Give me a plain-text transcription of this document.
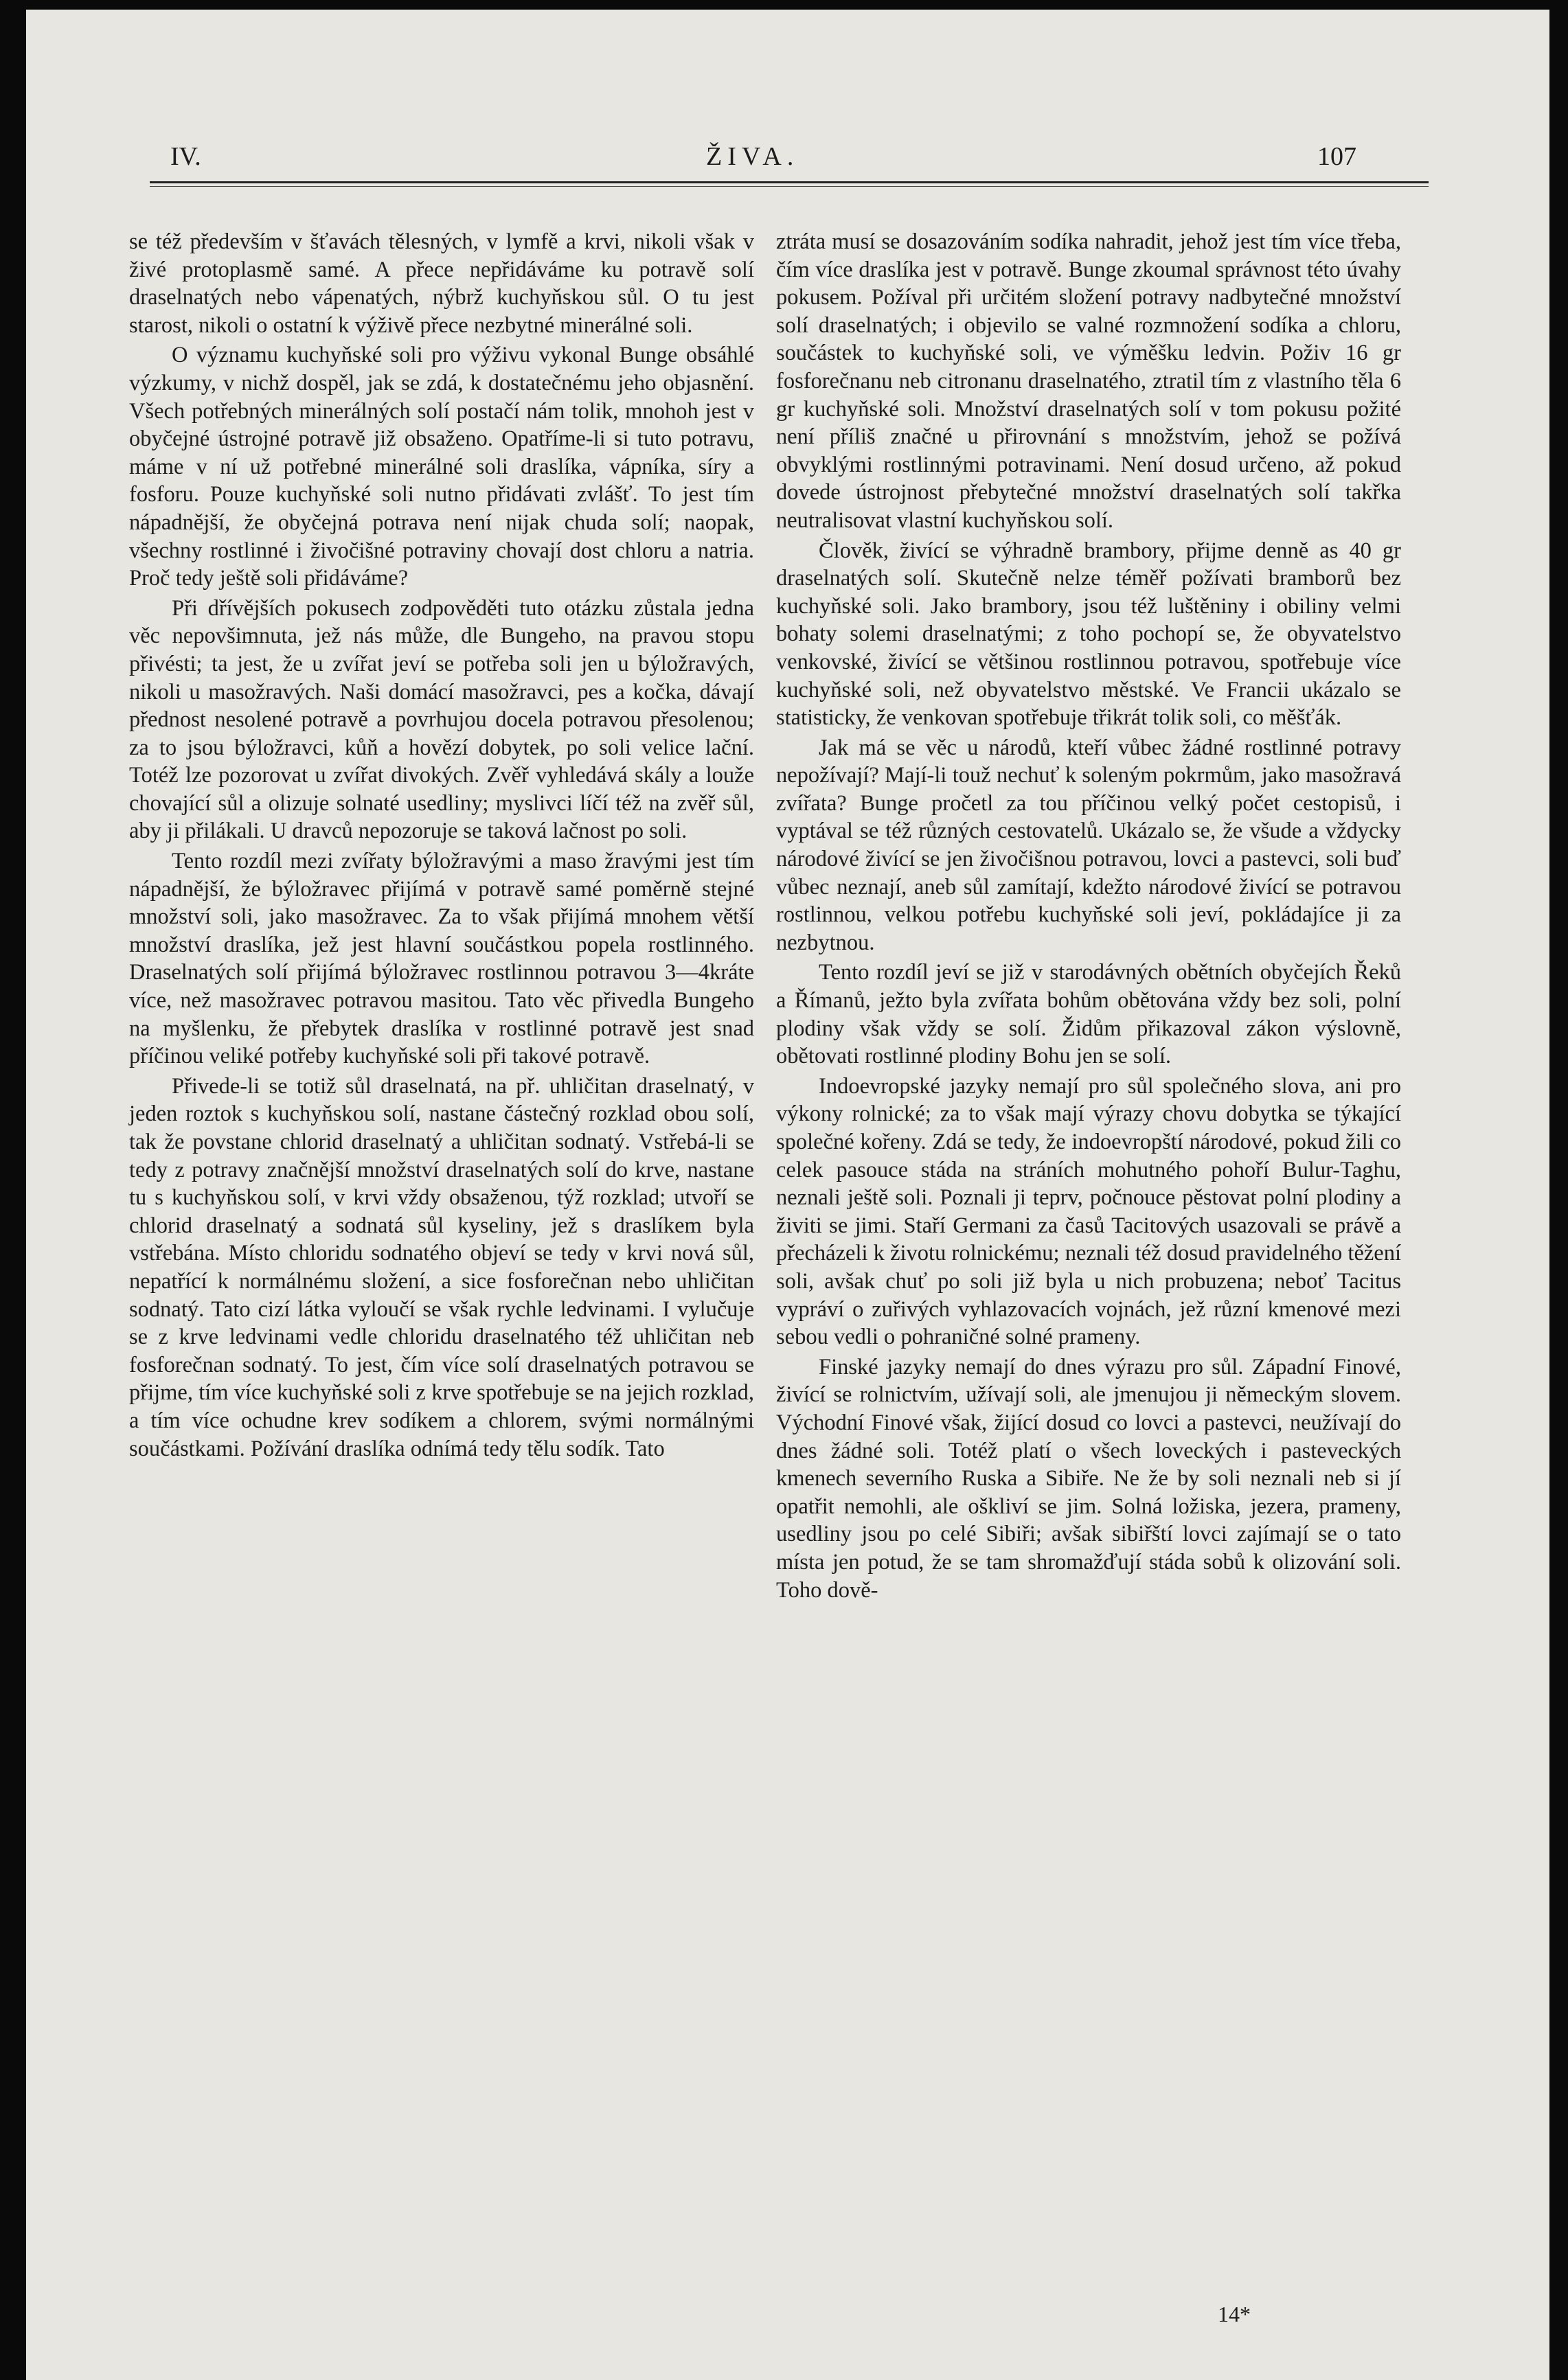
IV.	ŽIVA.	107

se též především v šťavách tělesných, v lymfě a krvi, nikoli však v živé protoplasmě samé. A přece nepřidáváme ku potravě solí draselnatých nebo vápenatých, nýbrž kuchyňskou sůl. O tu jest starost, nikoli o ostatní k výživě přece nezbytné minerálné soli.

O významu kuchyňské soli pro výživu vykonal Bunge obsáhlé výzkumy, v nichž dospěl, jak se zdá, k dostatečnému jeho objasnění. Všech potřebných minerálných solí postačí nám tolik, mnohoh jest v obyčejné ústrojné potravě již obsaženo. Opatříme-li si tuto potravu, máme v ní už potřebné minerálné soli draslíka, vápníka, síry a fosforu. Pouze kuchyňské soli nutno přidávati zvlášť. To jest tím nápadnější, že obyčejná potrava není nijak chuda solí; naopak, všechny rostlinné i živočišné potraviny chovají dost chloru a natria. Proč tedy ještě soli přidáváme?

Při dřívějších pokusech zodpověděti tuto otázku zůstala jedna věc nepovšimnuta, jež nás může, dle Bungeho, na pravou stopu přivésti; ta jest, že u zvířat jeví se potřeba soli jen u býložravých, nikoli u masožravých. Naši domácí masožravci, pes a kočka, dávají přednost nesolené potravě a povrhujou docela potravou přesolenou; za to jsou býložravci, kůň a hovězí dobytek, po soli velice lační. Totéž lze pozorovat u zvířat divokých. Zvěř vyhledává skály a louže chovající sůl a olizuje solnaté usedliny; myslivci líčí též na zvěř sůl, aby ji přilákali. U dravců nepozoruje se taková lačnost po soli.

Tento rozdíl mezi zvířaty býložravými a maso žravými jest tím nápadnější, že býložravec přijímá v potravě samé poměrně stejné množství soli, jako masožravec. Za to však přijímá mnohem větší množství draslíka, jež jest hlavní součástkou popela rostlinného. Draselnatých solí přijímá býložravec rostlinnou potravou 3—4kráte více, než masožravec potravou masitou. Tato věc přivedla Bungeho na myšlenku, že přebytek draslíka v rostlinné potravě jest snad příčinou veliké potřeby kuchyňské soli při takové potravě.

Přivede-li se totiž sůl draselnatá, na př. uhličitan draselnatý, v jeden roztok s kuchyňskou solí, nastane částečný rozklad obou solí, tak že povstane chlorid draselnatý a uhličitan sodnatý. Vstřebá-li se tedy z potravy značnější množství draselnatých solí do krve, nastane tu s kuchyňskou solí, v krvi vždy obsaženou, týž rozklad; utvoří se chlorid draselnatý a sodnatá sůl kyseliny, jež s draslíkem byla vstřebána. Místo chloridu sodnatého objeví se tedy v krvi nová sůl, nepatřící k normálnému složení, a sice fosforečnan nebo uhličitan sodnatý. Tato cizí látka vyloučí se však rychle ledvinami. I vylučuje se z krve ledvinami vedle chloridu draselnatého též uhličitan neb fosforečnan sodnatý. To jest, čím více solí draselnatých potravou se přijme, tím více kuchyňské soli z krve spotřebuje se na jejich rozklad, a tím více ochudne krev sodíkem a chlorem, svými normálnými součástkami. Požívání draslíka odnímá tedy tělu sodík. Tato

ztráta musí se dosazováním sodíka nahradit, jehož jest tím více třeba, čím více draslíka jest v potravě. Bunge zkoumal správnost této úvahy pokusem. Požíval při určitém složení potravy nadbytečné množství solí draselnatých; i objevilo se valné rozmnožení sodíka a chloru, součástek to kuchyňské soli, ve výměšku ledvin. Poživ 16 gr fosforečnanu neb citronanu draselnatého, ztratil tím z vlastního těla 6 gr kuchyňské soli. Množství draselnatých solí v tom pokusu požité není příliš značné u přirovnání s množstvím, jehož se požívá obvyklými rostlinnými potravinami. Není dosud určeno, až pokud dovede ústrojnost přebytečné množství draselnatých solí takřka neutralisovat vlastní kuchyňskou solí.

Člověk, živící se výhradně brambory, přijme denně as 40 gr draselnatých solí. Skutečně nelze téměř požívati bramborů bez kuchyňské soli. Jako brambory, jsou též luštěniny i obiliny velmi bohaty solemi draselnatými; z toho pochopí se, že obyvatelstvo venkovské, živící se většinou rostlinnou potravou, spotřebuje více kuchyňské soli, než obyvatelstvo městské. Ve Francii ukázalo se statisticky, že venkovan spotřebuje třikrát tolik soli, co měšťák.

Jak má se věc u národů, kteří vůbec žádné rostlinné potravy nepožívají? Mají-li touž nechuť k soleným pokrmům, jako masožravá zvířata? Bunge pročetl za tou příčinou velký počet cestopisů, i vyptával se též různých cestovatelů. Ukázalo se, že všude a vždycky národové živící se jen živočišnou potravou, lovci a pastevci, soli buď vůbec neznají, aneb sůl zamítají, kdežto národové živící se potravou rostlinnou, velkou potřebu kuchyňské soli jeví, pokládajíce ji za nezbytnou.

Tento rozdíl jeví se již v starodávných obětních obyčejích Řeků a Římanů, ježto byla zvířata bohům obětována vždy bez soli, polní plodiny však vždy se solí. Židům přikazoval zákon výslovně, obětovati rostlinné plodiny Bohu jen se solí.

Indoevropské jazyky nemají pro sůl společného slova, ani pro výkony rolnické; za to však mají výrazy chovu dobytka se týkající společné kořeny. Zdá se tedy, že indoevropští národové, pokud žili co celek pasouce stáda na stráních mohutného pohoří Bulur-Taghu, neznali ještě soli. Poznali ji teprv, počnouce pěstovat polní plodiny a živiti se jimi. Staří Germani za časů Tacitových usazovali se právě a přecházeli k životu rolnickému; neznali též dosud pravidelného těžení soli, avšak chuť po soli již byla u nich probuzena; neboť Tacitus vypráví o zuřivých vyhlazovacích vojnách, jež různí kmenové mezi sebou vedli o pohraničné solné prameny.

Finské jazyky nemají do dnes výrazu pro sůl. Západní Finové, živící se rolnictvím, užívají soli, ale jmenujou ji německým slovem. Východní Finové však, žijící dosud co lovci a pastevci, neužívají do dnes žádné soli. Totéž platí o všech loveckých i pasteveckých kmenech severního Ruska a Sibiře. Ne že by soli neznali neb si jí opatřit nemohli, ale oškliví se jim. Solná ložiska, jezera, prameny, usedliny jsou po celé Sibiři; avšak sibiřští lovci zajímají se o tato místa jen potud, že se tam shromažďují stáda sobů k olizování soli. Toho dově-

14*
